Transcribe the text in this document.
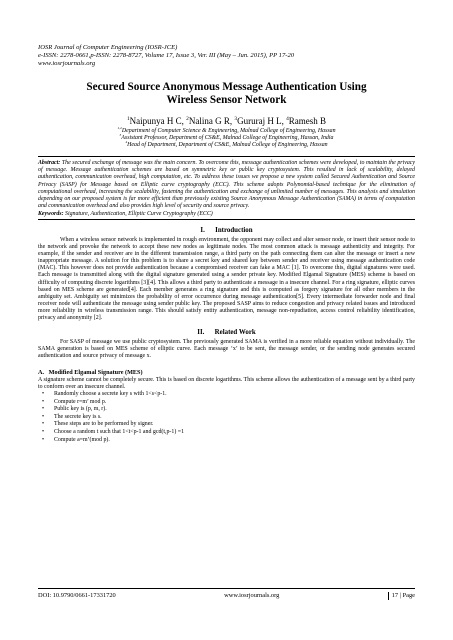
IOSR Journal of Computer Engineering (IOSR-JCE)
e-ISSN: 2278-0661,p-ISSN: 2278-8727, Volume 17, Issue 3, Ver. III (May – Jun. 2015), PP 17-20
www.iosrjournals.org
Secured Source Anonymous Message Authentication Using
Wireless Sensor Network
$^1$Naipunya H C, $^2$Nalina G R, $^3$Gururaj H L, $^4$Ramesh B
$^{1,2}$Department of Computer Science & Engineering, Malnad College of Engineering, Hassan
$^3$Assistant Professor, Department of CS&E, Malnad College of Engineering, Hassan, India
$^4$Head of Department, Department of CS&E, Malnad College of Engineering, Hassan
Abstract: The secured exchange of message was the main concern. To overcome this, message authentication schemes were developed, to maintain the privacy of message. Message authentication schemes are based on symmetric key or public key cryptosystem. This resulted in lack of scalability, delayed authentication, communication overhead, high computation, etc. To address these issues we propose a new system called Secured Authentication and Source Privacy (SASP) for Message based on Elliptic curve cryptography (ECC). This scheme adopts Polynomial-based technique for the elimination of computational overhead, increasing the scalability, fastening the authentication and exchange of unlimited number of messages. This analysis and simulation depending on our proposed system is far more efficient than previously existing Source Anonymous Message Authentication (SAMA) in terms of computation and communication overhead and also provides high level of security and source privacy.
Keywords: Signature, Authentication, Elliptic Curve Cryptography (ECC)
I.      Introduction
When a wireless sensor network is implemented in rough environment, the opponent may collect and alter sensor node, or insert their sensor node to the network and provoke the network to accept these new nodes as legitimate nodes. The most common attack is message authenticity and integrity. For example, if the sender and receiver are in the different transmission range, a third party on the path connecting them can alter the message or insert a new inappropriate message. A solution for this problem is to share a secret key and shared key between sender and receiver using message authentication code (MAC). This however does not provide authentication because a compromised receiver can fake a MAC [1]. To overcome this, digital signatures were used. Each message is transmitted along with the digital signature generated using a sender private key. Modified Elgamal Signature (MES) scheme is based on difficulty of computing discrete logarithms [3][4]. This allows a third party to authenticate a message in a insecure channel. For a ring signature, elliptic curves based on MES scheme are generated[4]. Each member generates a ring signature and this is computed as forgery signature for all other members in the ambiguity set. Ambiguity set minimizes the probability of error occurrence during message authentication[5]. Every intermediate forwarder node and final receiver node will authenticate the message using sender public key. The proposed SASP aims to reduce congestion and privacy related issues and introduced more reliability in wireless transmission range. This should satisfy entity authentication, message non-repudiation, access control reliability identification, privacy and anonymity [2].
II.      Related Work
For SASP of message we use public cryptosystem. The previously generated SAMA is verified in a more reliable equation without individually. The SAMA generation is based on MES scheme of elliptic curve. Each message ‘x’ to be sent, the message sender, or the sending node generates secured authentication and source privacy of message x.
A.   Modified Elgamal Signature (MES)
A signature scheme cannot be completely secure. This is based on discrete logarithms. This scheme allows the authentication of a message sent by a third party to conform over an insecure channel.
• Randomly choose a secrete key s with 1<s<p-1.
• Compute r=m’ mod p.
• Public key is (p, m, r).
• The secrete key is s.
• These steps are to be performed by signer.
• Choose a random t such that 1<t<p-1 and gcd(t,p-1) =1
• Compute a=m’(mod p).
DOI: 10.9790/0661-17331720	www.iosrjournals.org	17 | Page
